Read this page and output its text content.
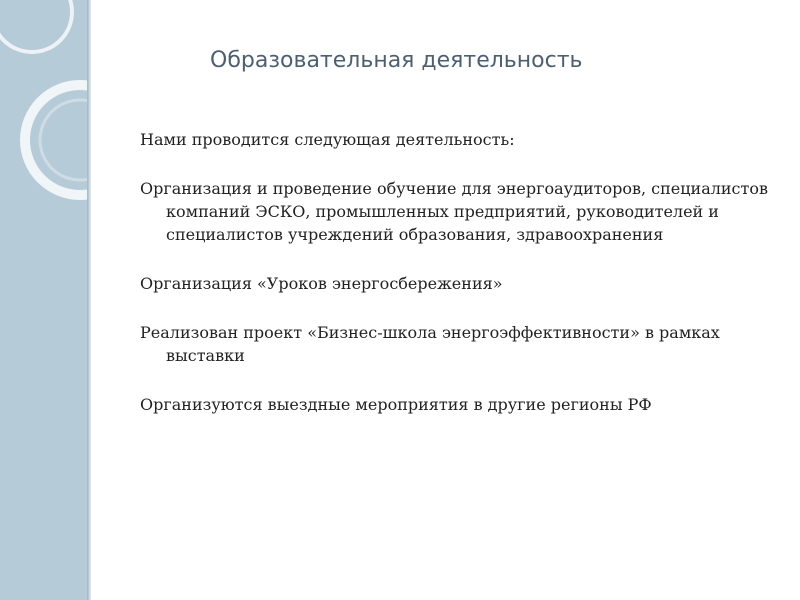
Образовательная деятельность

Нами проводится следующая деятельность:

Организация и проведение обучение для энергоаудиторов, специалистов компаний ЭСКО, промышленных предприятий, руководителей и специалистов учреждений образования, здравоохранения

Организация «Уроков энергосбережения»

Реализован проект «Бизнес-школа энергоэффективности» в рамках выставки

Организуются выездные мероприятия в другие регионы РФ
